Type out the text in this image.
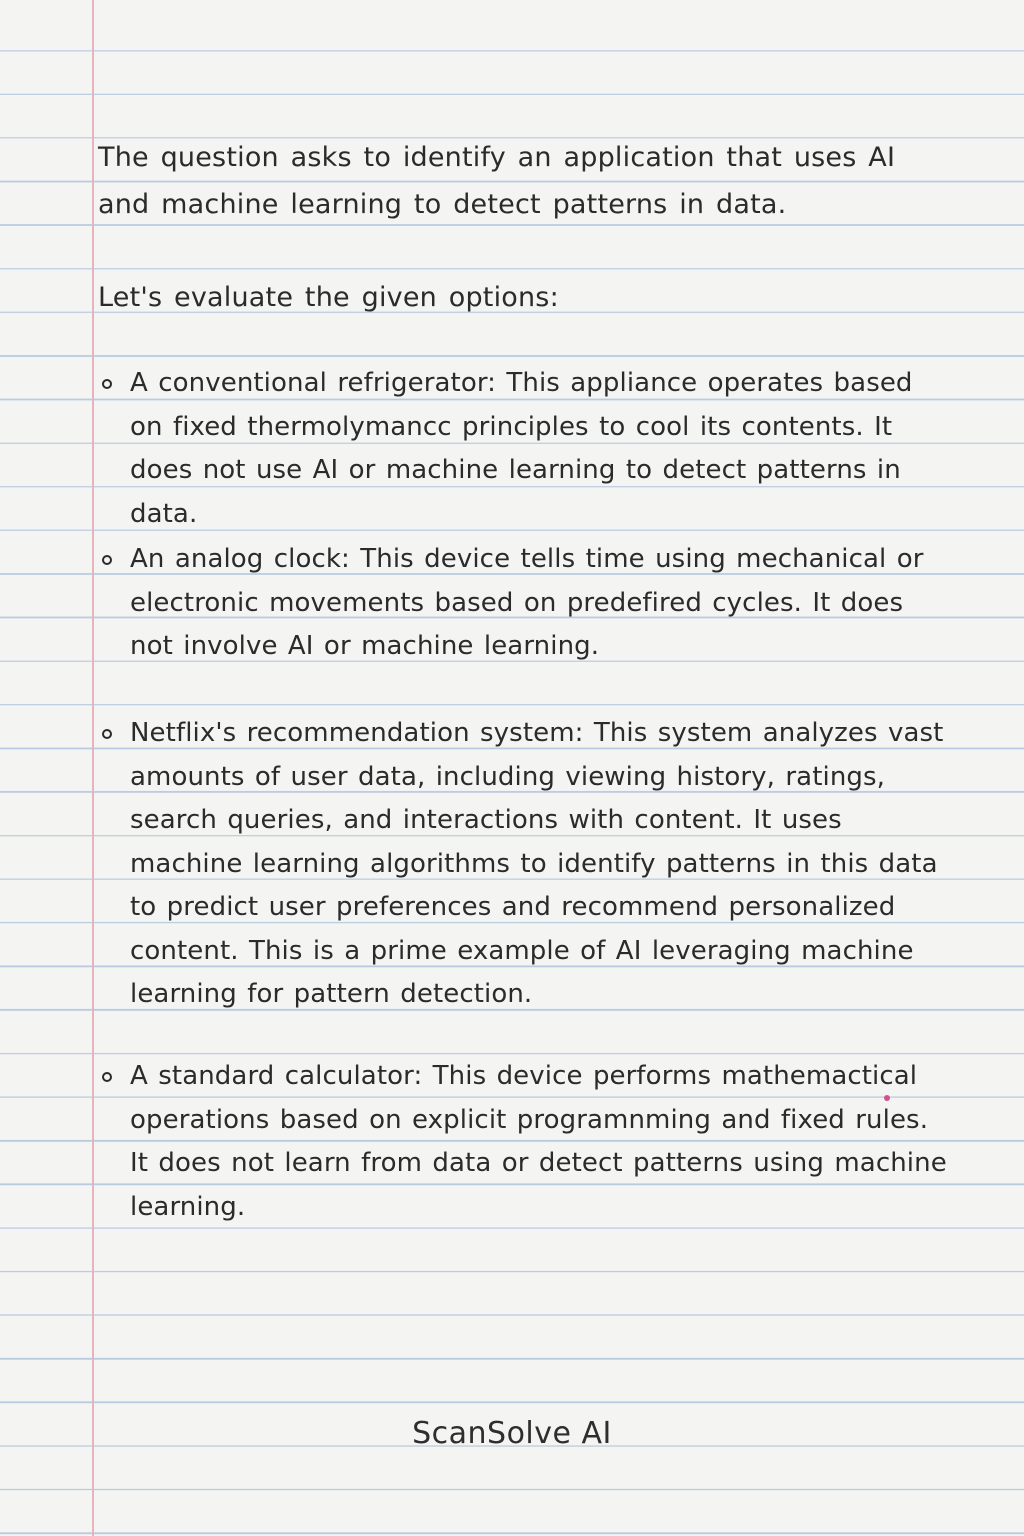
The question asks to identify an application that uses AI and machine learning to detect patterns in data.

Let's evaluate the given options:

A conventional refrigerator: This appliance operates based on fixed thermolymancc principles to cool its contents. It does not use AI or machine learning to detect patterns in data.

An analog clock: This device tells time using mechanical or electronic movements based on predefired cycles. It does not involve AI or machine learning.

Netflix's recommendation system: This system analyzes vast amounts of user data, including viewing history, ratings, search queries, and interactions with content. It uses machine learning algorithms to identify patterns in this data to predict user preferences and recommend personalized content. This is a prime example of AI leveraging machine learning for pattern detection.

A standard calculator: This device performs mathemactical operations based on explicit programnming and fixed rules. It does not learn from data or detect patterns using machine learning.

ScanSolve AI
